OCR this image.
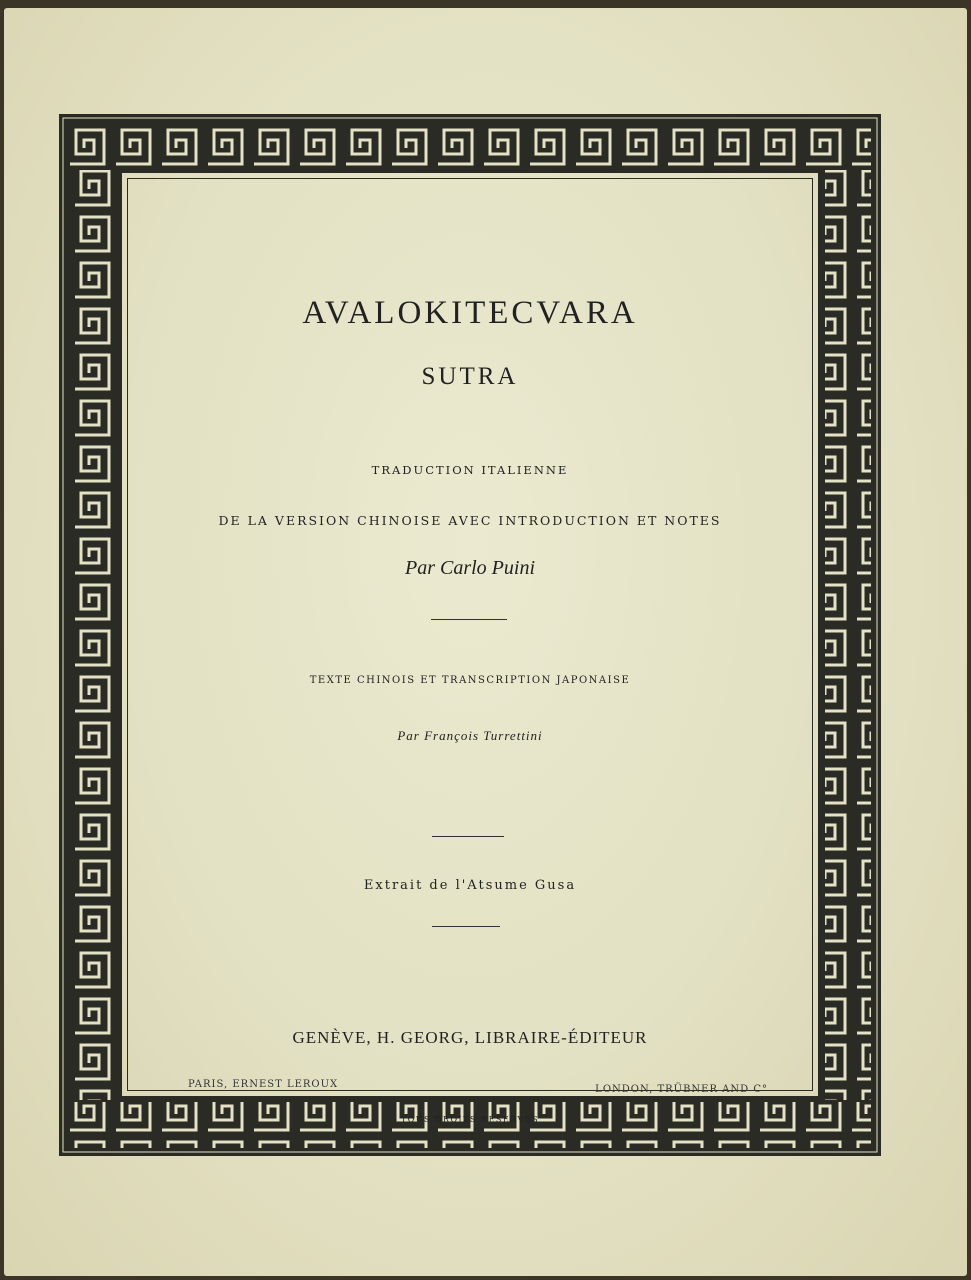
AVALOKITECVARA
SUTRA
TRADUCTION ITALIENNE
DE LA VERSION CHINOISE AVEC INTRODUCTION ET NOTES
Par Carlo Puini
TEXTE CHINOIS ET TRANSCRIPTION JAPONAISE
Par François Turrettini
Extrait de l'Atsume Gusa
GENÈVE, H. GEORG, LIBRAIRE-ÉDITEUR
PARIS, ERNEST LEROUX	LONDON, TRÜBNER AND C°
TOUS DROITS RÉSERVÉS
